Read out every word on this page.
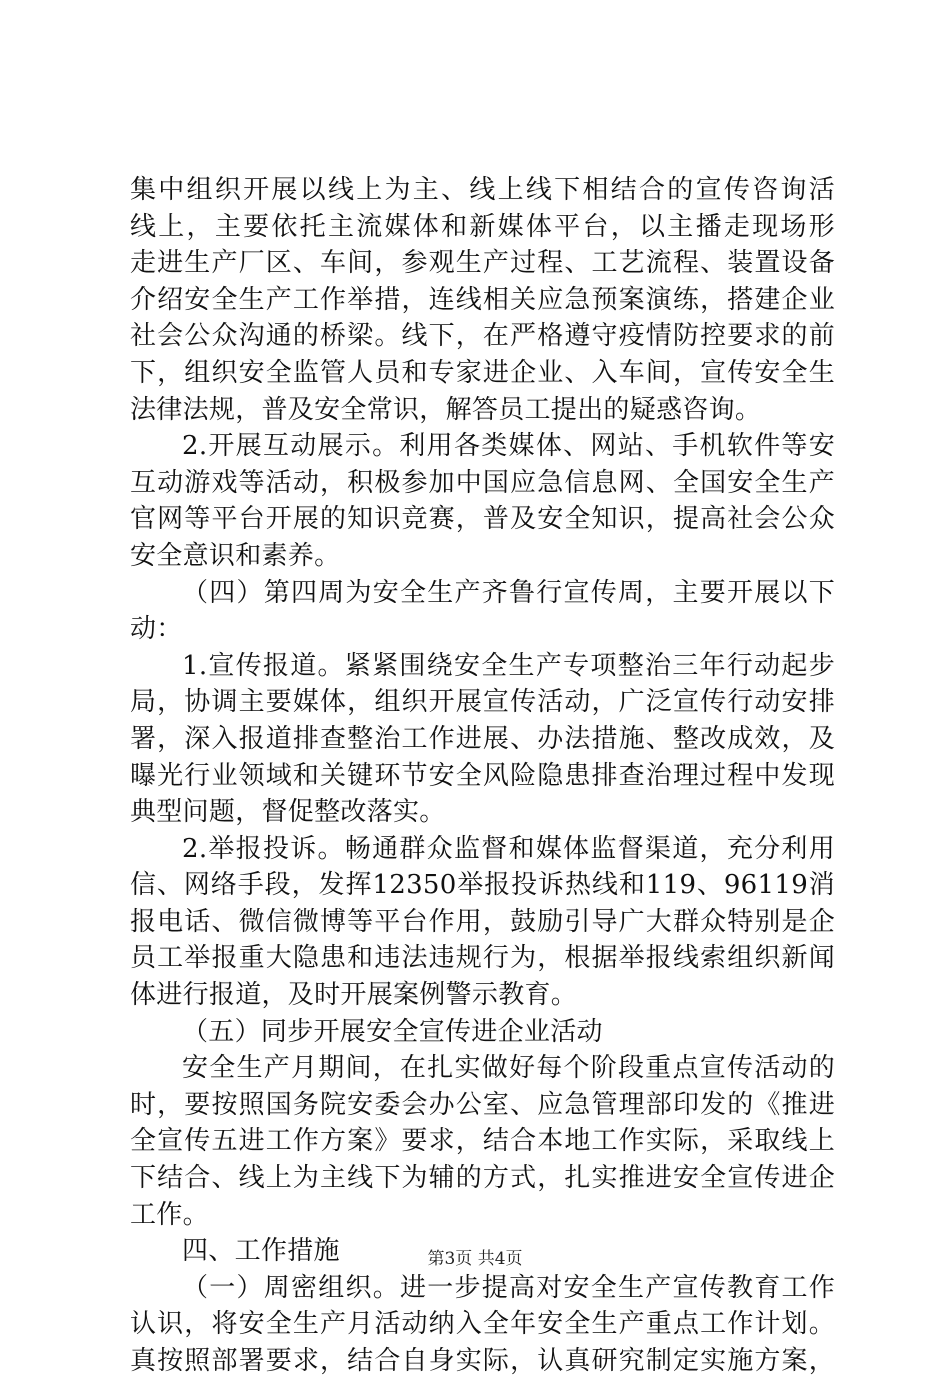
集中组织开展以线上为主、线上线下相结合的宣传咨询活
线上，主要依托主流媒体和新媒体平台，以主播走现场形
走进生产厂区、车间，参观生产过程、工艺流程、装置设备
介绍安全生产工作举措，连线相关应急预案演练，搭建企业
社会公众沟通的桥梁。线下，在严格遵守疫情防控要求的前
下，组织安全监管人员和专家进企业、入车间，宣传安全生
法律法规，普及安全常识，解答员工提出的疑惑咨询。
2.开展互动展示。利用各类媒体、网站、手机软件等安
互动游戏等活动，积极参加中国应急信息网、全国安全生产
官网等平台开展的知识竞赛，普及安全知识，提高社会公众
安全意识和素养。
（四）第四周为安全生产齐鲁行宣传周，主要开展以下
动：
1.宣传报道。紧紧围绕安全生产专项整治三年行动起步
局，协调主要媒体，组织开展宣传活动，广泛宣传行动安排
署，深入报道排查整治工作进展、办法措施、整改成效，及
曝光行业领域和关键环节安全风险隐患排查治理过程中发现
典型问题，督促整改落实。
2.举报投诉。畅通群众监督和媒体监督渠道，充分利用
信、网络手段，发挥12350举报投诉热线和119、96119消
报电话、微信微博等平台作用，鼓励引导广大群众特别是企
员工举报重大隐患和违法违规行为，根据举报线索组织新闻
体进行报道，及时开展案例警示教育。
（五）同步开展安全宣传进企业活动
安全生产月期间，在扎实做好每个阶段重点宣传活动的
时，要按照国务院安委会办公室、应急管理部印发的《推进
全宣传五进工作方案》要求，结合本地工作实际，采取线上
下结合、线上为主线下为辅的方式，扎实推进安全宣传进企
工作。
四、工作措施
（一）周密组织。进一步提高对安全生产宣传教育工作
认识，将安全生产月活动纳入全年安全生产重点工作计划。
真按照部署要求，结合自身实际，认真研究制定实施方案，
第3页 共4页
